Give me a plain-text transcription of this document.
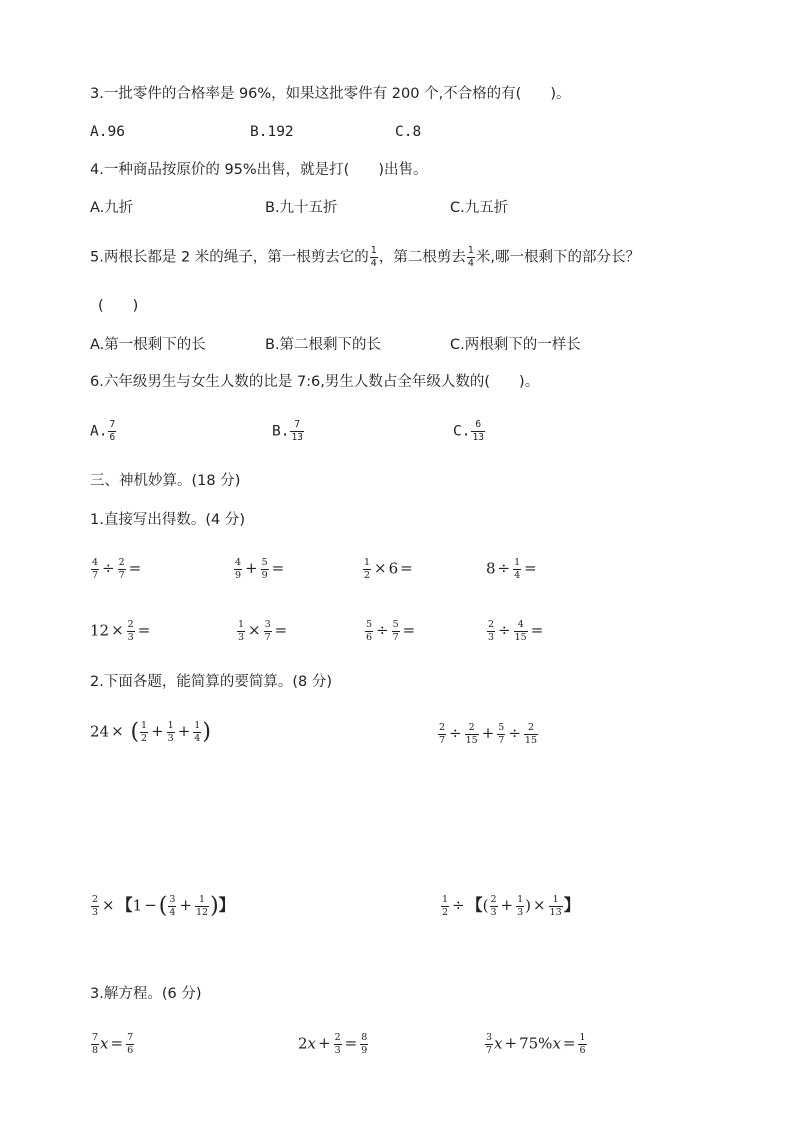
3.一批零件的合格率是 96%，如果这批零件有 200 个,不合格的有(　　)。
A.96	B.192	C.8
4.一种商品按原价的 95%出售，就是打(　　)出售。
A.九折	B.九十五折	C.九五折
5.两根长都是 2 米的绳子，第一根剪去它的 $\frac{1}{4}$ ，第二根剪去 $\frac{1}{4}$ 米,哪一根剩下的部分长？
(　　)
A.第一根剩下的长	B.第二根剩下的长	C.两根剩下的一样长
6.六年级男生与女生人数的比是 7:6,男生人数占全年级人数的(　　)。
A. $\frac{7}{6}$	B. $\frac{7}{13}$	C. $\frac{6}{13}$
三、神机妙算。(18 分)
1.直接写出得数。(4 分)
$\frac{4}{7} \div \frac{2}{7}$ =	$\frac{4}{9} + \frac{5}{9}$ =	$\frac{1}{2} \times 6$ =	$8 \div \frac{1}{4}$ =
$12 \times \frac{2}{3}$ =	$\frac{1}{3} \times \frac{3}{7}$ =	$\frac{5}{6} \div \frac{5}{7}$ =	$\frac{2}{3} \div \frac{4}{15}$ =
2.下面各题，能简算的要简算。(8 分)
24 × ( $\frac{1}{2} + \frac{1}{3} + \frac{1}{4}$ )	$\frac{2}{7} \div \frac{2}{15} + \frac{5}{7} \div \frac{2}{15}$
$\frac{2}{3}$ × 【1 −( $\frac{3}{4} + \frac{1}{12}$ )】	$\frac{1}{2}$ ÷ 【( $\frac{2}{3} + \frac{1}{3}$ ) × $\frac{1}{13}$ 】
3.解方程。(6 分)
$\frac{7}{8}$ $x = \frac{7}{6}$	$2x + \frac{2}{3} = \frac{8}{9}$	$\frac{3}{7}$ $x + 75\%x = \frac{1}{6}$
